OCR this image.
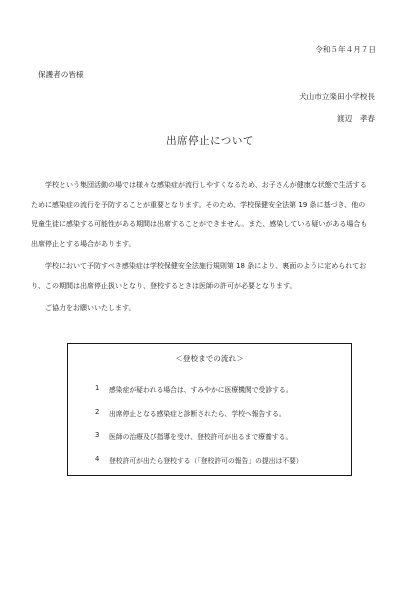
令和５年４月７日
保護者の皆様
犬山市立楽田小学校長
渡辺　孝春
出席停止について

学校という集団活動の場では様々な感染症が流行しやすくなるため、お子さんが健康な状態で生活する
ために感染症の流行を予防することが重要となります。そのため、学校保健安全法第 19 条に基づき、他の
児童生徒に感染する可能性がある期間は出席することができません。また、感染している疑いがある場合も
出席停止とする場合があります。

学校において予防すべき感染症は学校保健安全法施行規則第 18 条により、裏面のように定められてお
り、この期間は出席停止扱いとなり、登校するときは医師の許可が必要となります。

ご協力をお願いいたします。

＜登校までの流れ＞
1	感染症が疑われる場合は、すみやかに医療機関で受診する。
2	出席停止となる感染症と診断されたら、学校へ報告する。
3	医師の治療及び指導を受け、登校許可が出るまで療養する。
4	登校許可が出たら登校する（「登校許可の報告」の提出は不要）
